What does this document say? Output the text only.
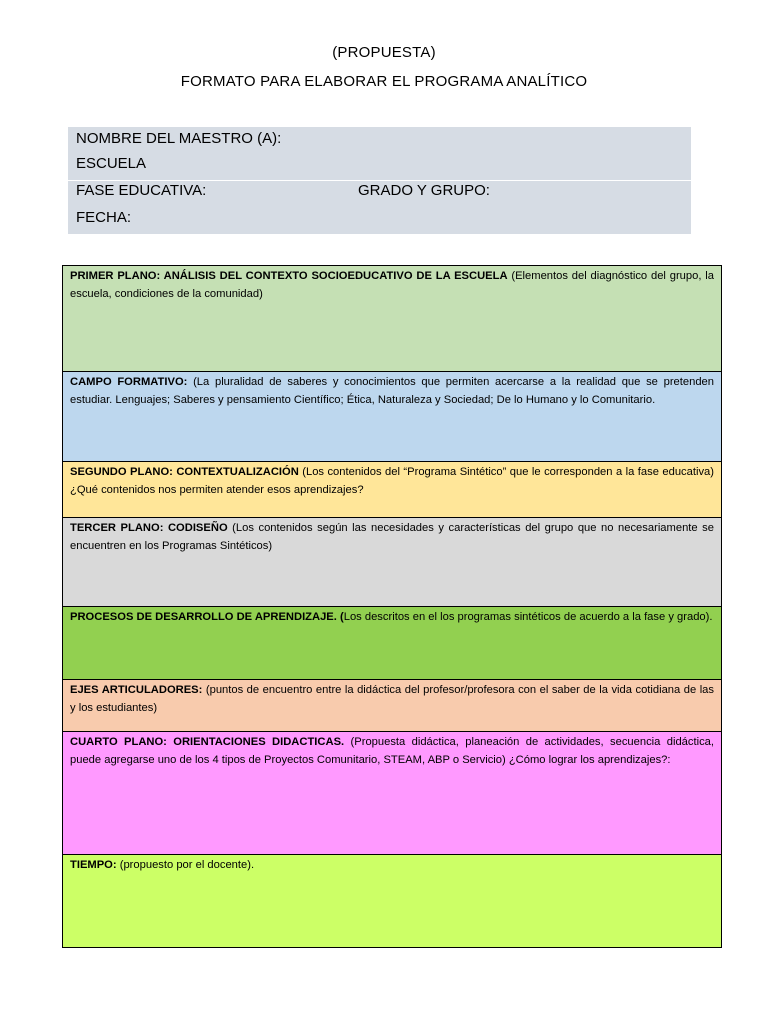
(PROPUESTA)
FORMATO PARA ELABORAR EL PROGRAMA ANALÍTICO
NOMBRE DEL MAESTRO (A):
ESCUELA
FASE EDUCATIVA:	GRADO Y GRUPO:
FECHA:
PRIMER PLANO: ANÁLISIS DEL CONTEXTO SOCIOEDUCATIVO DE LA ESCUELA (Elementos del diagnóstico del grupo, la escuela, condiciones de la comunidad)
CAMPO FORMATIVO: (La pluralidad de saberes y conocimientos que permiten acercarse a la realidad que se pretenden estudiar. Lenguajes; Saberes y pensamiento Científico; Ética, Naturaleza y Sociedad; De lo Humano y lo Comunitario.
SEGUNDO PLANO: CONTEXTUALIZACIÓN (Los contenidos del “Programa Sintético” que le corresponden a la fase educativa) ¿Qué contenidos nos permiten atender esos aprendizajes?
TERCER PLANO: CODISEÑO (Los contenidos según las necesidades y características del grupo que no necesariamente se encuentren en los Programas Sintéticos)
PROCESOS DE DESARROLLO DE APRENDIZAJE. (Los descritos en el los programas sintéticos de acuerdo a la fase y grado).
EJES ARTICULADORES: (puntos de encuentro entre la didáctica del profesor/profesora con el saber de la vida cotidiana de las y los estudiantes)
CUARTO PLANO: ORIENTACIONES DIDACTICAS. (Propuesta didáctica, planeación de actividades, secuencia didáctica, puede agregarse uno de los 4 tipos de Proyectos Comunitario, STEAM, ABP o Servicio) ¿Cómo lograr los aprendizajes?:
TIEMPO: (propuesto por el docente).
